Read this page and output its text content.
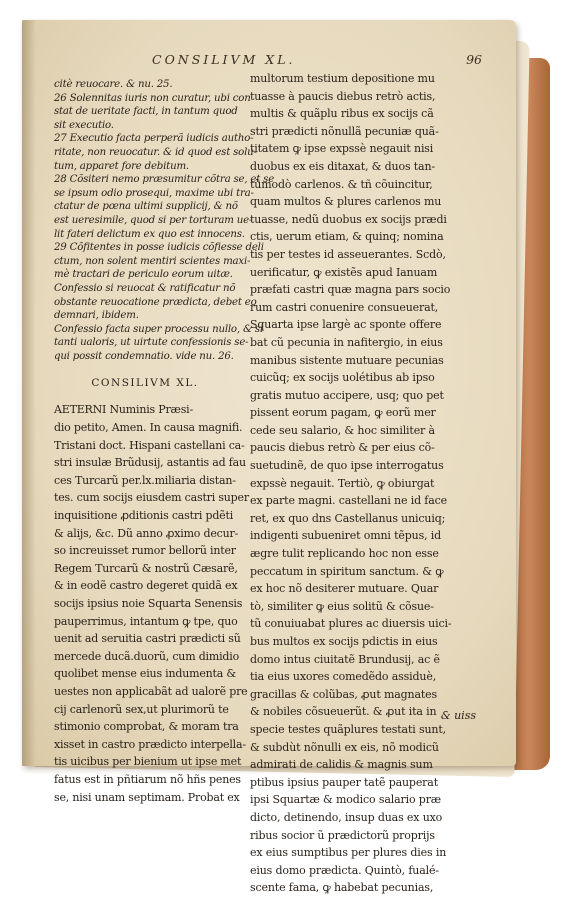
CONSILIVM XL.	96
citè reuocare. & nu. 25.
26 Solennitas iuris non curatur, ubi con
stat de ueritate facti, in tantum quod
sit executio.
27 Executio facta perperã iudicis autho-
ritate, non reuocatur. & id quod est solu-
tum, apparet fore debitum.
28 Cõsiteri nemo præsumitur cõtra se, et se
se ipsum odio prosequi, maxime ubi tra-
ctatur de pœna ultimi supplicij, & nõ
est ueresimile, quod si per torturam ue-
lit fateri delictum ex quo est innocens.
29 Cõfitentes in posse iudicis cõfiesse deli
ctum, non solent mentiri scientes maxi-
mè tractari de periculo eorum uitæ.
Confessio si reuocat & ratificatur nõ
obstante reuocatione prædicta, debet eo
demnari, ibidem.
Confessio facta super processu nullo, & si
tanti ualoris, ut uirtute confessionis se-
qui possit condemnatio. vide nu. 26.
CONSILIVM XL.
AETERNI Numinis Præsi-
dio petito, Amen. In causa magnifi.
Tristani doct. Hispani castellani ca-
stri insulæ Brũdusij, astantis ad fau
ces Turcarũ per.lx.miliaria distan-
tes. cum socijs eiusdem castri super
inquisitione ꝓditionis castri pdẽti
& alijs, &c. Dũ anno ꝓximo decur-
so increuisset rumor bellorũ inter
Regem Turcarũ & nostrũ Cæsarẽ,
& in eodẽ castro degeret quidã ex
socijs ipsius noie Squarta Senensis
pauperrimus, intantum ꝙ tpe, quo
uenit ad seruitia castri prædicti sũ
mercede ducã.duorũ, cum dimidio
quolibet mense eius indumenta &
uestes non applicabãt ad ualorẽ pre
cij carlenorũ sex,ut plurimorũ te
stimonio comprobat, & moram tra
xisset in castro prædicto interpella-
tis uicibus per bienium ut ipse met
fatus est in pñtiarum nõ hñs penes
se, nisi unam septimam. Probat ex
multorum testium depositione mu
tuasse à paucis diebus retrò actis,
multis & quãplu ribus ex socijs cã
stri prædicti nõnullã pecuniæ quã-
titatem ꝙ ipse expssè negauit nisi
duobus ex eis ditaxat, & duos tan-
tũmodò carlenos. & tñ cõuincitur,
quam multos & plures carlenos mu
tuasse, nedũ duobus ex socijs prædi
ctis, uerum etiam, & quinq; nomina
tis per testes id asseuerantes. Scdò,
uerificatur, ꝙ existẽs apud Ianuam
præfati castri quæ magna pars socio
rum castri conuenire consueuerat,
Squarta ipse largè ac sponte offere
bat cũ pecunia in nafitergio, in eius
manibus sistente mutuare pecunias
cuicũq; ex socijs uolétibus ab ipso
gratis mutuo accipere, usq; quo pet
pissent eorum pagam, ꝙ eorũ mer
cede seu salario, & hoc similiter à
paucis diebus retrò & per eius cõ-
suetudinẽ, de quo ipse interrogatus
expssè negauit. Tertiò, ꝙ obiurgat
ex parte magni. castellani ne id face
ret, ex quo dns Castellanus unicuiq;
indigenti subueniret omni tẽpus, id
ægre tulit replicando hoc non esse
peccatum in spiritum sanctum. & ꝙ
ex hoc nõ desiterer mutuare. Quar
tò, similiter ꝙ eius solitũ & cõsue-
tũ conuiuabat plures ac diuersis uici-
bus multos ex socijs pdictis in eius
domo intus ciuitatẽ Brundusij, ac ẽ
tia eius uxores comedẽdo assiduè,
gracillas & colũbas, ꝓut magnates
& nobiles cõsueuerũt. & ꝓut ita in
specie testes quãplures testati sunt,
& subdùt nõnulli ex eis, nõ modicũ
admirati de calidis & magnis sum
ptibus ipsius pauper tatẽ pauperat
ipsi Squartæ & modico salario præ
dicto, detinendo, insup duas ex uxo
ribus socior ũ prædictorũ proprijs
ex eius sumptibus per plures dies in
eius domo prædicta. Quintò, fualé-
scente fama, ꝙ habebat pecunias,
& uiss
